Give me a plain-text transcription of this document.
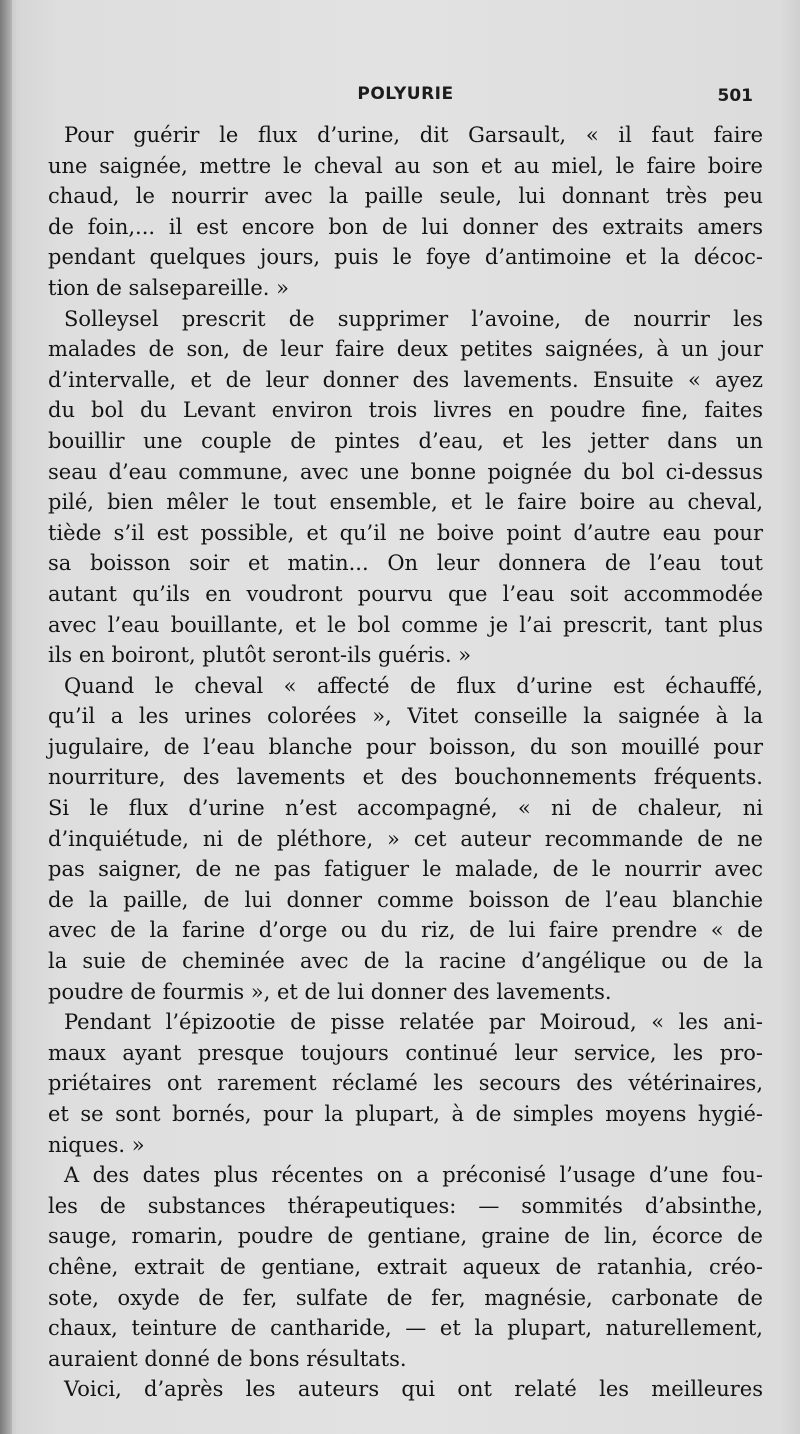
POLYURIE	501
Pour guérir le flux d’urine, dit Garsault, « il faut faire
une saignée, mettre le cheval au son et au miel, le faire boire
chaud, le nourrir avec la paille seule, lui donnant très peu
de foin,... il est encore bon de lui donner des extraits amers
pendant quelques jours, puis le foye d’antimoine et la décoc-
tion de salsepareille. »
Solleysel prescrit de supprimer l’avoine, de nourrir les
malades de son, de leur faire deux petites saignées, à un jour
d’intervalle, et de leur donner des lavements. Ensuite « ayez
du bol du Levant environ trois livres en poudre fine, faites
bouillir une couple de pintes d’eau, et les jetter dans un
seau d’eau commune, avec une bonne poignée du bol ci-dessus
pilé, bien mêler le tout ensemble, et le faire boire au cheval,
tiède s’il est possible, et qu’il ne boive point d’autre eau pour
sa boisson soir et matin... On leur donnera de l’eau tout
autant qu’ils en voudront pourvu que l’eau soit accommodée
avec l’eau bouillante, et le bol comme je l’ai prescrit, tant plus
ils en boiront, plutôt seront-ils guéris. »
Quand le cheval « affecté de flux d’urine est échauffé,
qu’il a les urines colorées », Vitet conseille la saignée à la
jugulaire, de l’eau blanche pour boisson, du son mouillé pour
nourriture, des lavements et des bouchonnements fréquents.
Si le flux d’urine n’est accompagné, « ni de chaleur, ni
d’inquiétude, ni de pléthore, » cet auteur recommande de ne
pas saigner, de ne pas fatiguer le malade, de le nourrir avec
de la paille, de lui donner comme boisson de l’eau blanchie
avec de la farine d’orge ou du riz, de lui faire prendre « de
la suie de cheminée avec de la racine d’angélique ou de la
poudre de fourmis », et de lui donner des lavements.
Pendant l’épizootie de pisse relatée par Moiroud, « les ani-
maux ayant presque toujours continué leur service, les pro-
priétaires ont rarement réclamé les secours des vétérinaires,
et se sont bornés, pour la plupart, à de simples moyens hygié-
niques. »
A des dates plus récentes on a préconisé l’usage d’une fou-
les de substances thérapeutiques: — sommités d’absinthe,
sauge, romarin, poudre de gentiane, graine de lin, écorce de
chêne, extrait de gentiane, extrait aqueux de ratanhia, créo-
sote, oxyde de fer, sulfate de fer, magnésie, carbonate de
chaux, teinture de cantharide, — et la plupart, naturellement,
auraient donné de bons résultats.
Voici, d’après les auteurs qui ont relaté les meilleures
